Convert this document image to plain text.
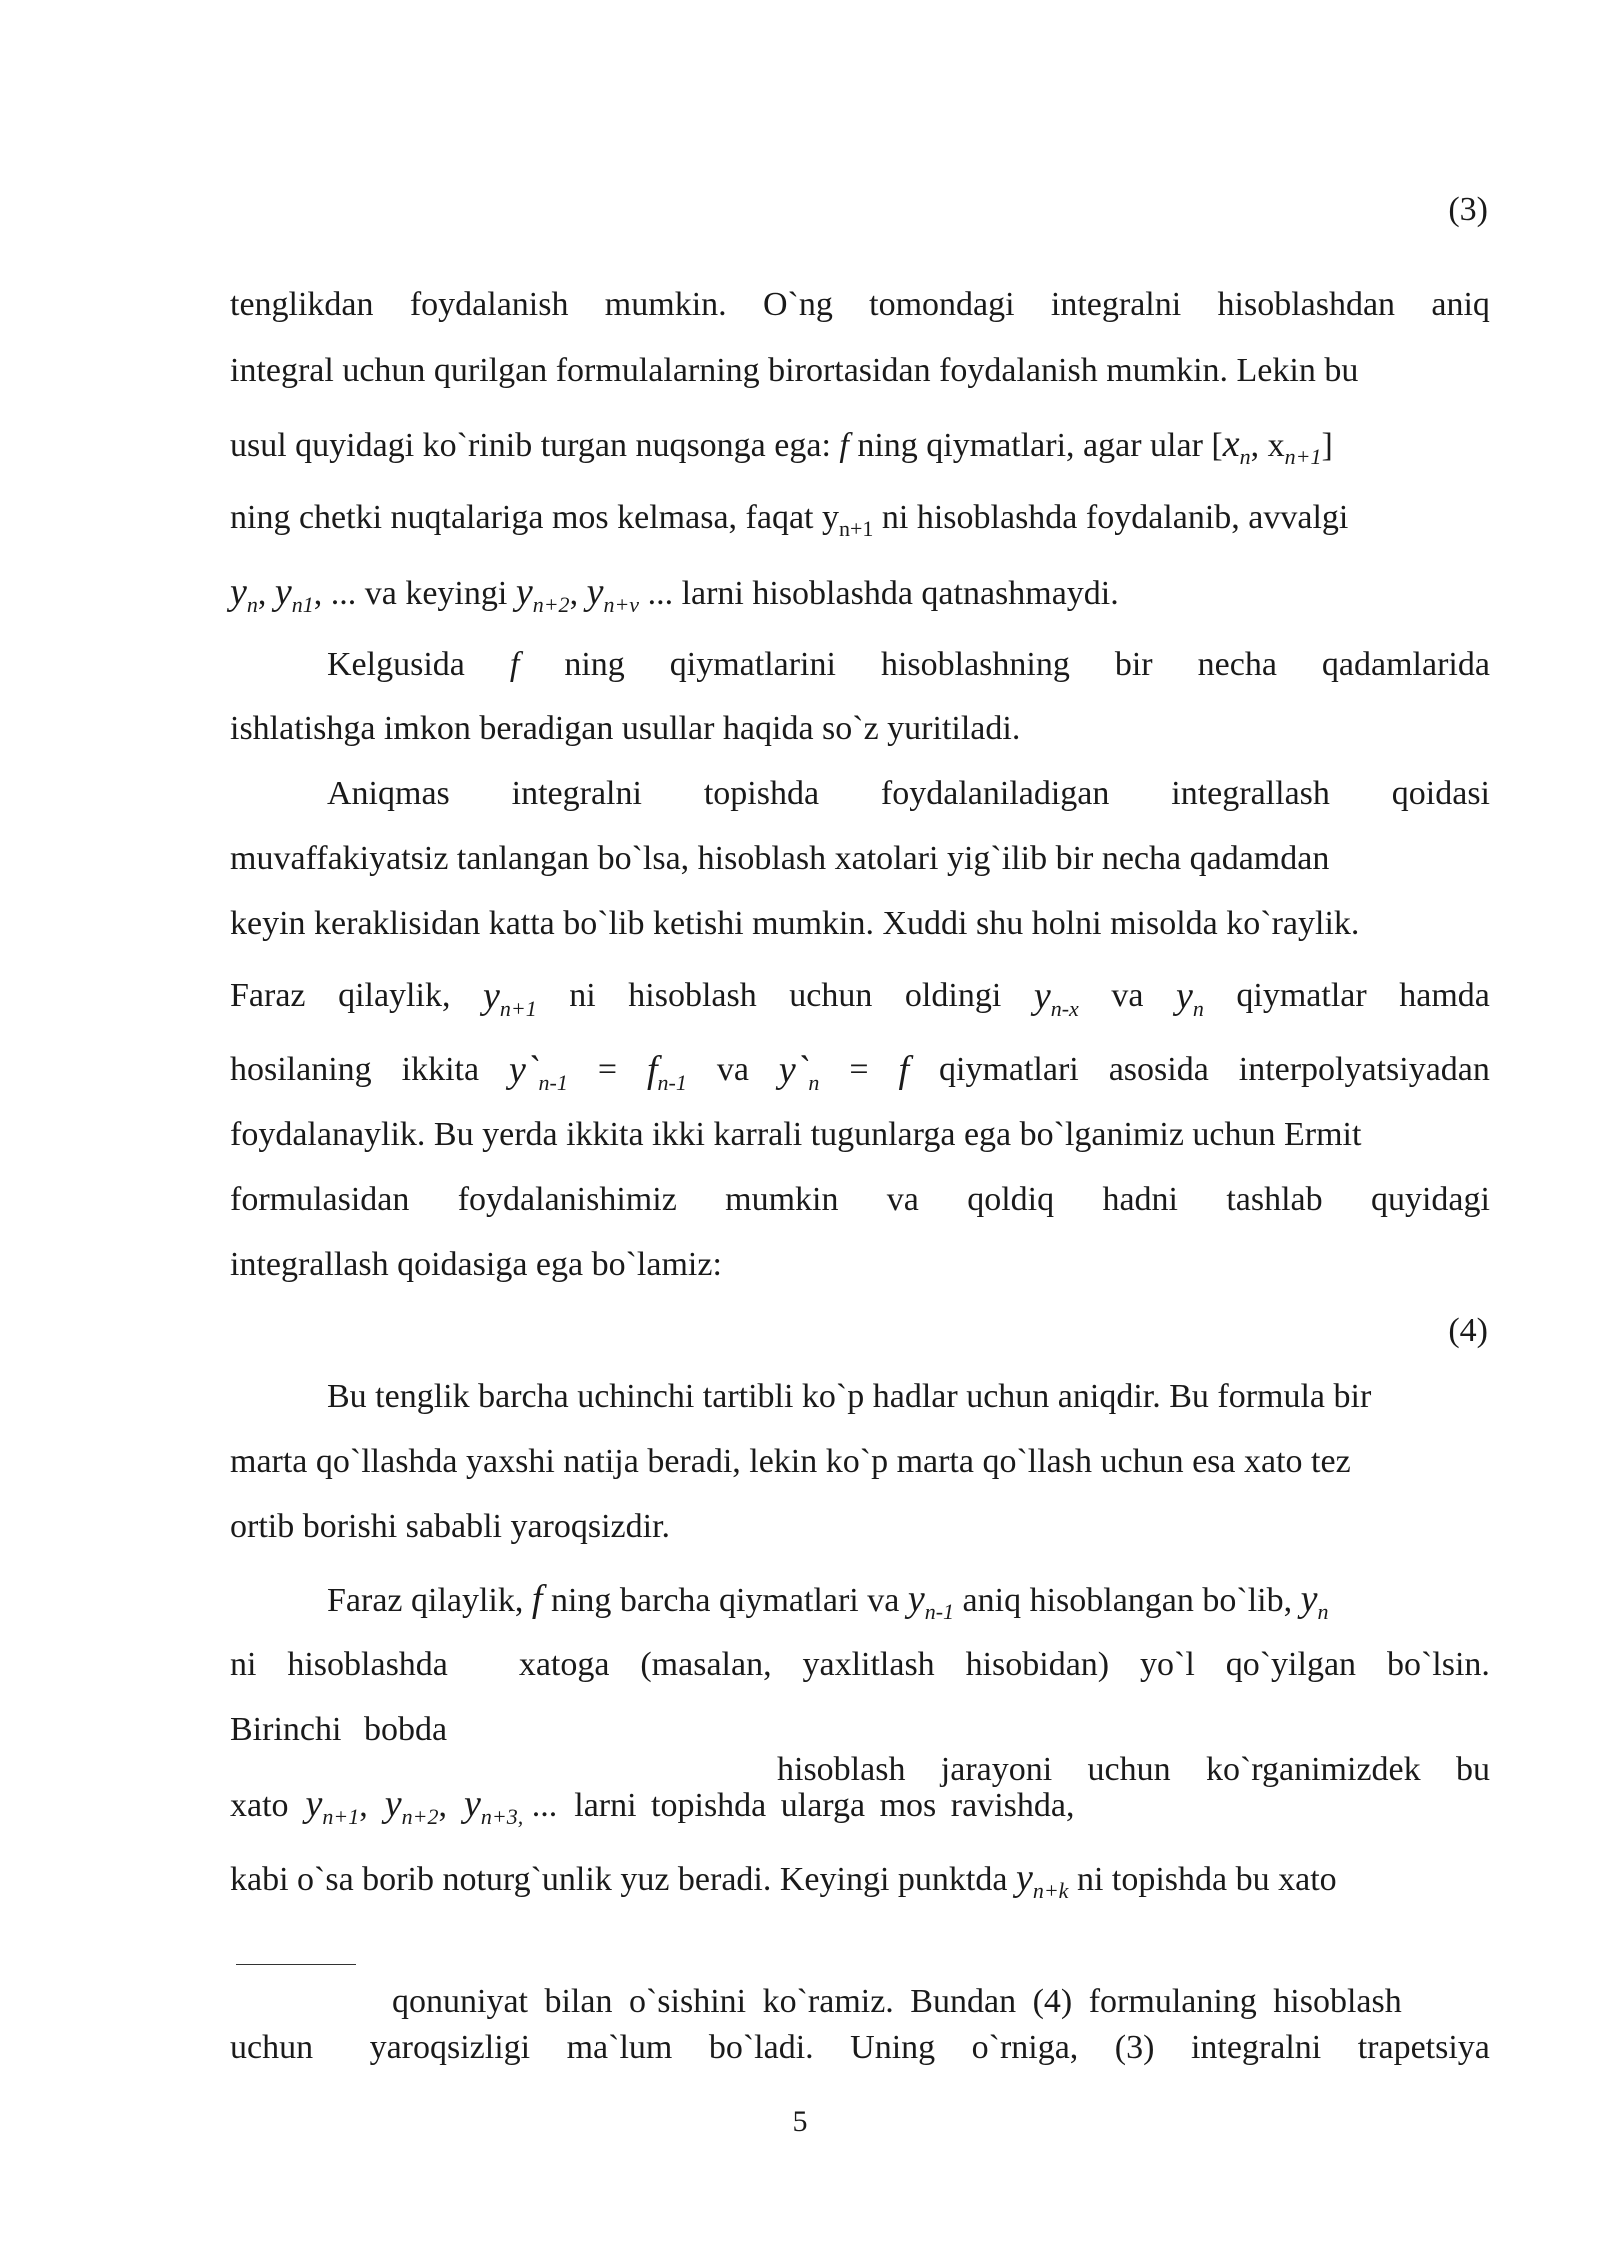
(3)
tenglikdan foydalanish mumkin. O`ng tomondagi integralni hisoblashdan aniq
integral uchun qurilgan formulalarning birortasidan foydalanish mumkin. Lekin bu
usul quyidagi ko`rinib turgan nuqsonga ega: f ning qiymatlari, agar ular [$x_n$, $x_{n+1}$]
ning chetki nuqtalariga mos kelmasa, faqat $y_{n+1}$ ni hisoblashda foydalanib, avvalgi
$y_n$, $y_{n1}$, ... va keyingi $y_{n+2}$, $y_{n+v}$ ... larni hisoblashda qatnashmaydi.
Kelgusida f ning qiymatlarini hisoblashning bir necha qadamlarida
ishlatishga imkon beradigan usullar haqida so`z yuritiladi.
Aniqmas integralni topishda foydalaniladigan integrallash qoidasi
muvaffakiyatsiz tanlangan bo`lsa, hisoblash xatolari yig`ilib bir necha qadamdan
keyin keraklisidan katta bo`lib ketishi mumkin. Xuddi shu holni misolda ko`raylik.
Faraz qilaylik, $y_{n+1}$ ni hisoblash uchun oldingi $y_{n-x}$ va $y_n$ qiymatlar hamda
hosilaning ikkita $y`_{n-1} = f_{n-1}$ va $y`_n = f$ qiymatlari asosida interpolyatsiyadan
foydalanaylik. Bu yerda ikkita ikki karrali tugunlarga ega bo`lganimiz uchun Ermit
formulasidan foydalanishimiz mumkin va qoldiq hadni tashlab quyidagi
integrallash qoidasiga ega bo`lamiz:
(4)
Bu tenglik barcha uchinchi tartibli ko`p hadlar uchun aniqdir. Bu formula bir
marta qo`llashda yaxshi natija beradi, lekin ko`p marta qo`llash uchun esa xato tez
ortib borishi sababli yaroqsizdir.
Faraz qilaylik, f ning barcha qiymatlari va $y_{n-1}$ aniq hisoblangan bo`lib, $y_n$
ni hisoblashda xatoga (masalan, yaxlitlash hisobidan) yo`l qo`yilgan bo`lsin.
Birinchi bobda
hisoblash jarayoni uchun ko`rganimizdek bu
xato $y_{n+1}$, $y_{n+2}$, $y_{n+3,}$ ... larni topishda ularga mos ravishda,
kabi o`sa borib noturg`unlik yuz beradi. Keyingi punktda $y_{n+k}$ ni topishda bu xato
qonuniyat bilan o`sishini ko`ramiz. Bundan (4) formulaning hisoblash
uchun yaroqsizligi ma`lum bo`ladi. Uning o`rniga, (3) integralni trapetsiya
5
